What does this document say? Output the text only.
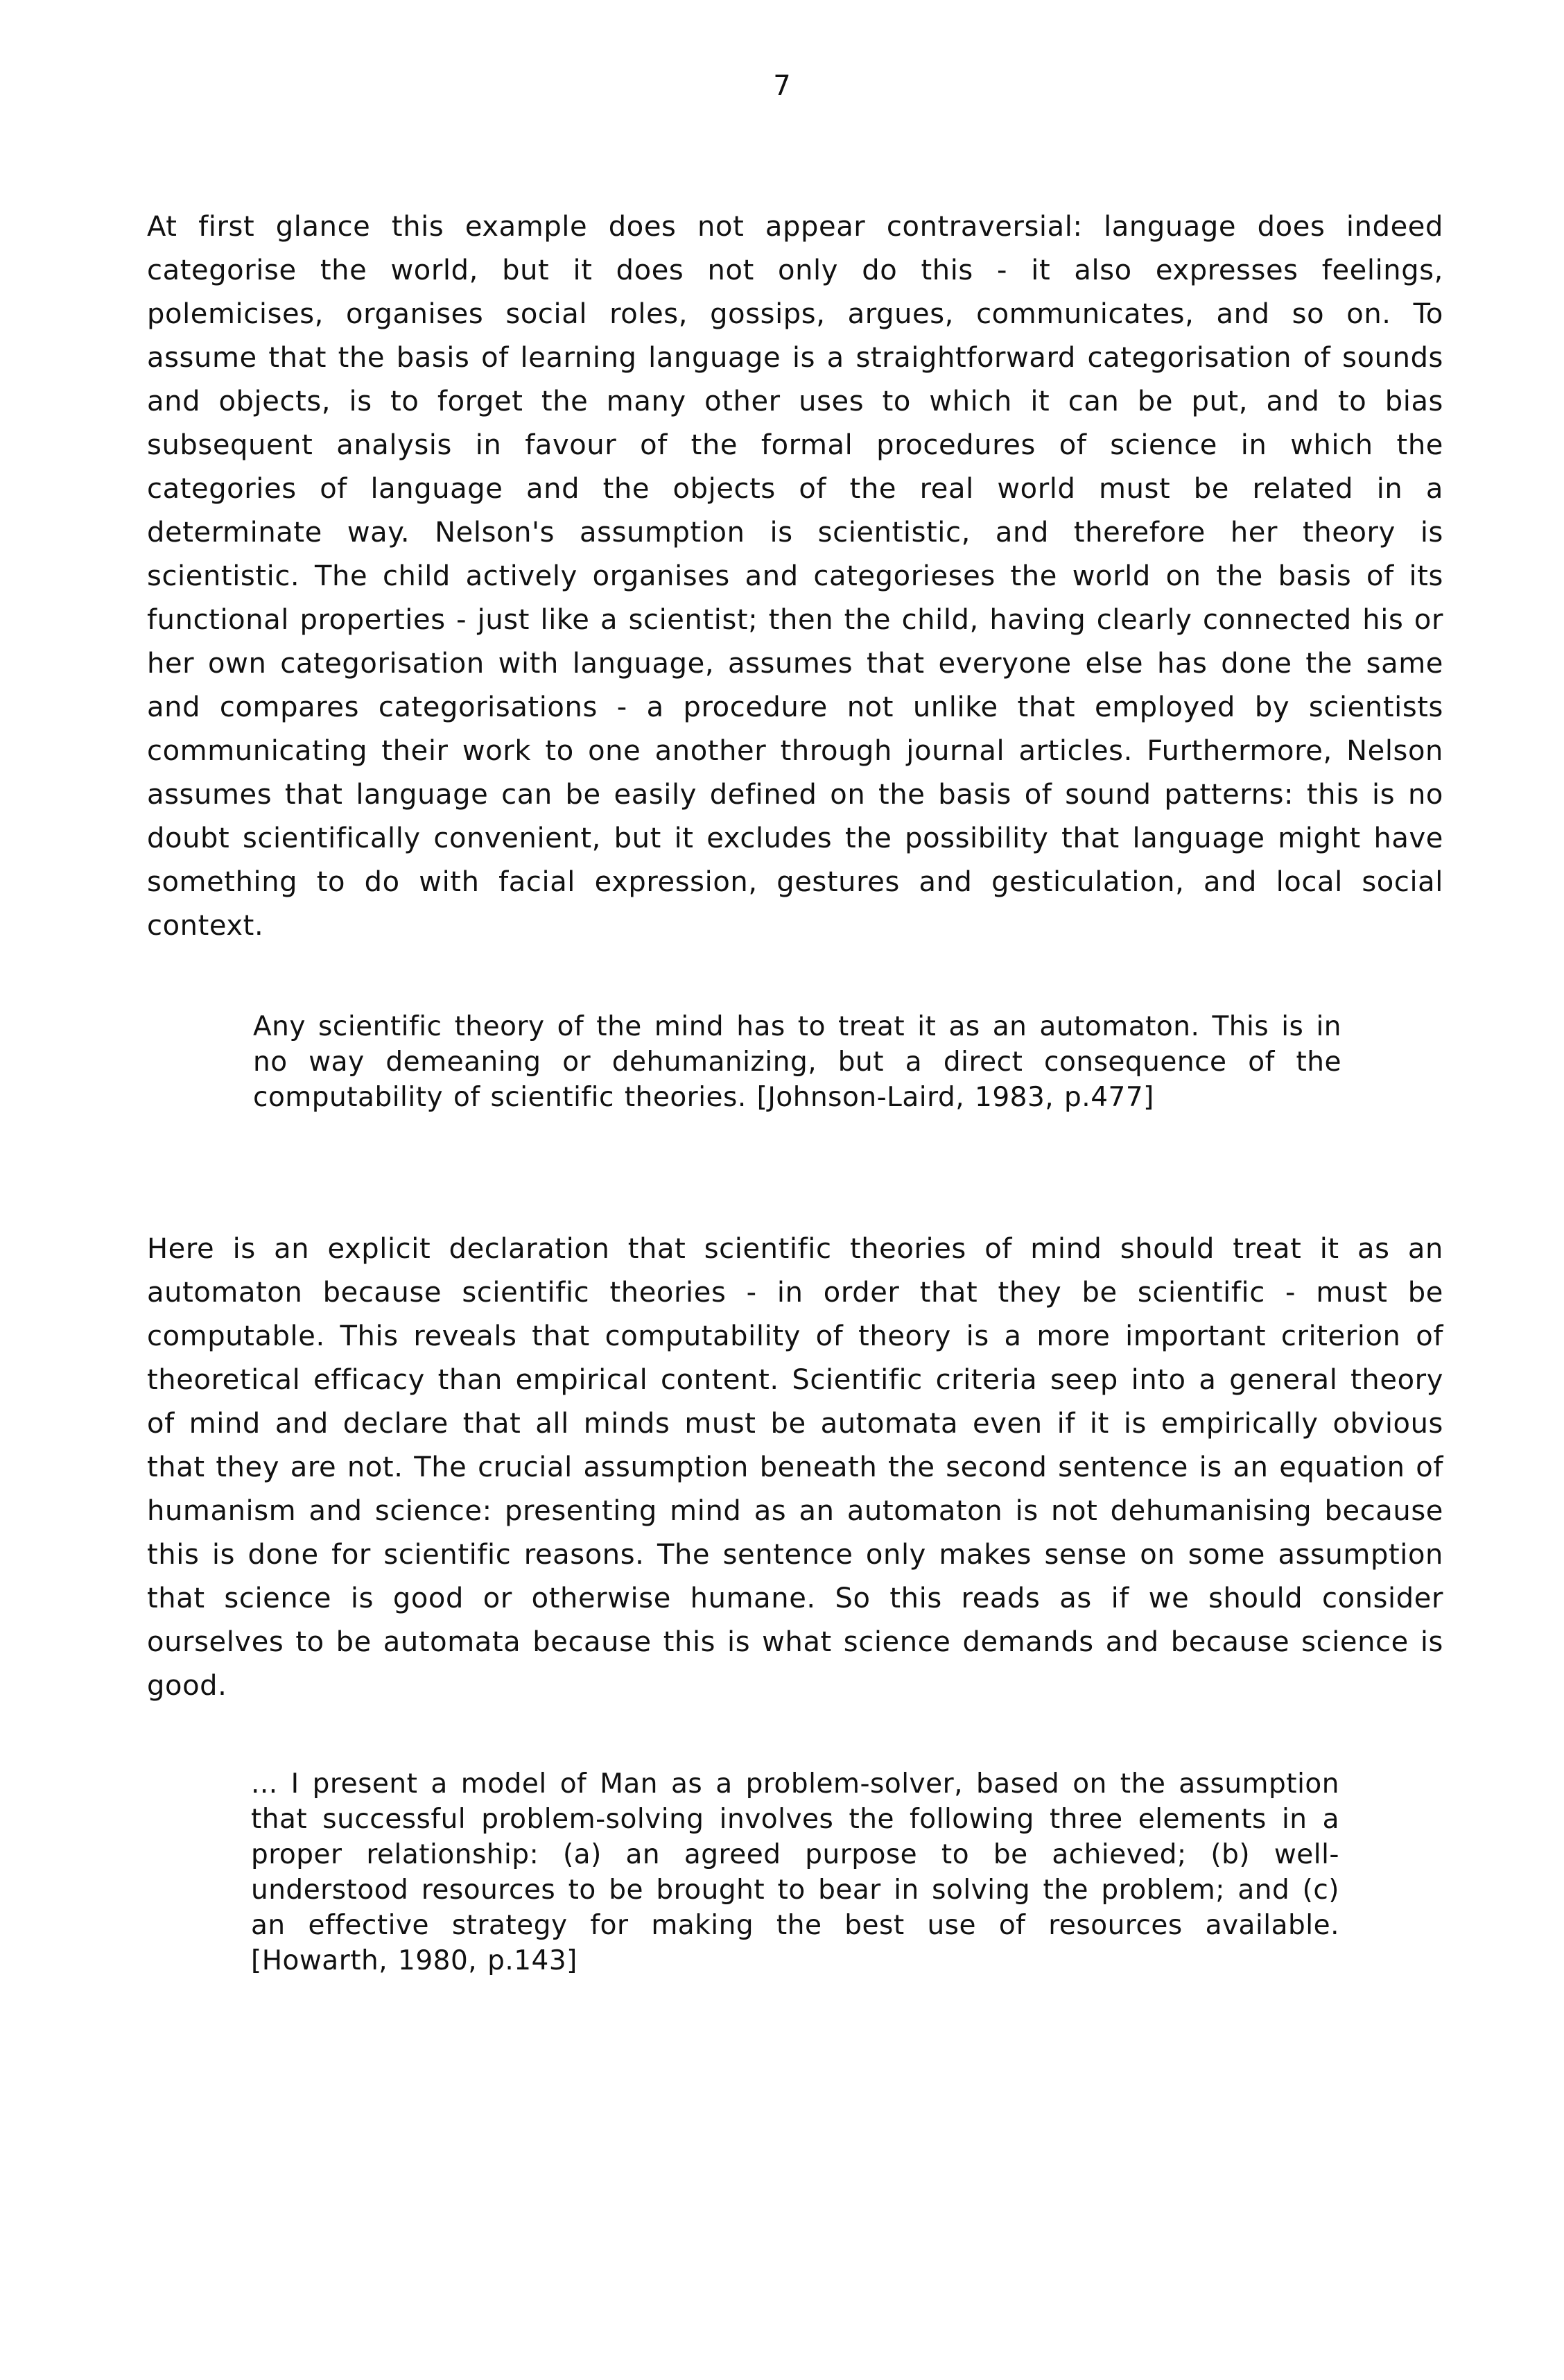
7

At first glance this example does not appear contraversial: language does indeed categorise the world, but it does not only do this - it also expresses feelings, polemicises, organises social roles, gossips, argues, communicates, and so on. To assume that the basis of learning language is a straightforward categorisation of sounds and objects, is to forget the many other uses to which it can be put, and to bias subsequent analysis in favour of the formal procedures of science in which the categories of language and the objects of the real world must be related in a determinate way. Nelson's assumption is scientistic, and therefore her theory is scientistic. The child actively organises and categorieses the world on the basis of its functional properties - just like a scientist; then the child, having clearly connected his or her own categorisation with language, assumes that everyone else has done the same and compares categorisations - a procedure not unlike that employed by scientists communicating their work to one another through journal articles. Furthermore, Nelson assumes that language can be easily defined on the basis of sound patterns: this is no doubt scientifically convenient, but it excludes the possibility that language might have something to do with facial expression, gestures and gesticulation, and local social context.

Any scientific theory of the mind has to treat it as an automaton. This is in no way demeaning or dehumanizing, but a direct consequence of the computability of scientific theories. [Johnson-Laird, 1983, p.477]

Here is an explicit declaration that scientific theories of mind should treat it as an automaton because scientific theories - in order that they be scientific - must be computable. This reveals that computability of theory is a more important criterion of theoretical efficacy than empirical content. Scientific criteria seep into a general theory of mind and declare that all minds must be automata even if it is empirically obvious that they are not. The crucial assumption beneath the second sentence is an equation of humanism and science: presenting mind as an automaton is not dehumanising because this is done for scientific reasons. The sentence only makes sense on some assumption that science is good or otherwise humane. So this reads as if we should consider ourselves to be automata because this is what science demands and because science is good.

... I present a model of Man as a problem-solver, based on the assumption that successful problem-solving involves the following three elements in a proper relationship: (a) an agreed purpose to be achieved; (b) well-understood resources to be brought to bear in solving the problem; and (c) an effective strategy for making the best use of resources available. [Howarth, 1980, p.143]
